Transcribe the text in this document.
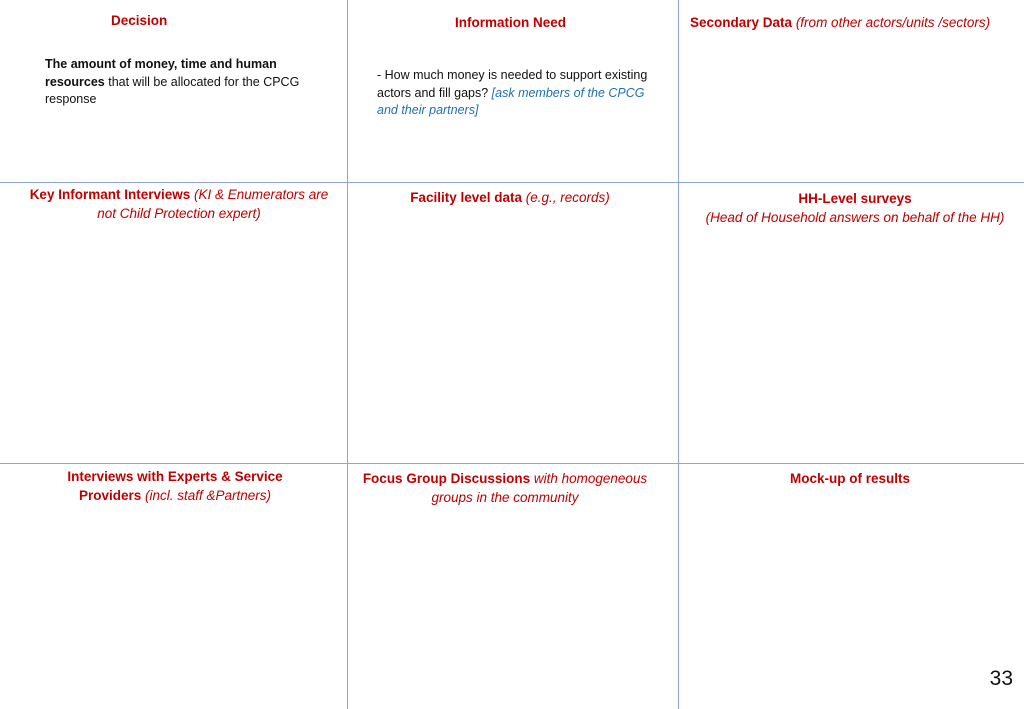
Decision
The amount of money, time and human resources that will be allocated for the CPCG response
Information Need
- How much money is needed to support existing actors and fill gaps? [ask members of the CPCG and their partners]
Secondary Data (from other actors/units /sectors)
Key Informant Interviews (KI & Enumerators are not Child Protection expert)
Facility level data (e.g., records)	HH-Level surveys
(Head of Household answers on behalf of the HH)
Interviews with Experts & Service Providers (incl. staff &Partners)
Focus Group Discussions with homogeneous groups in the community
Mock-up of results
33
